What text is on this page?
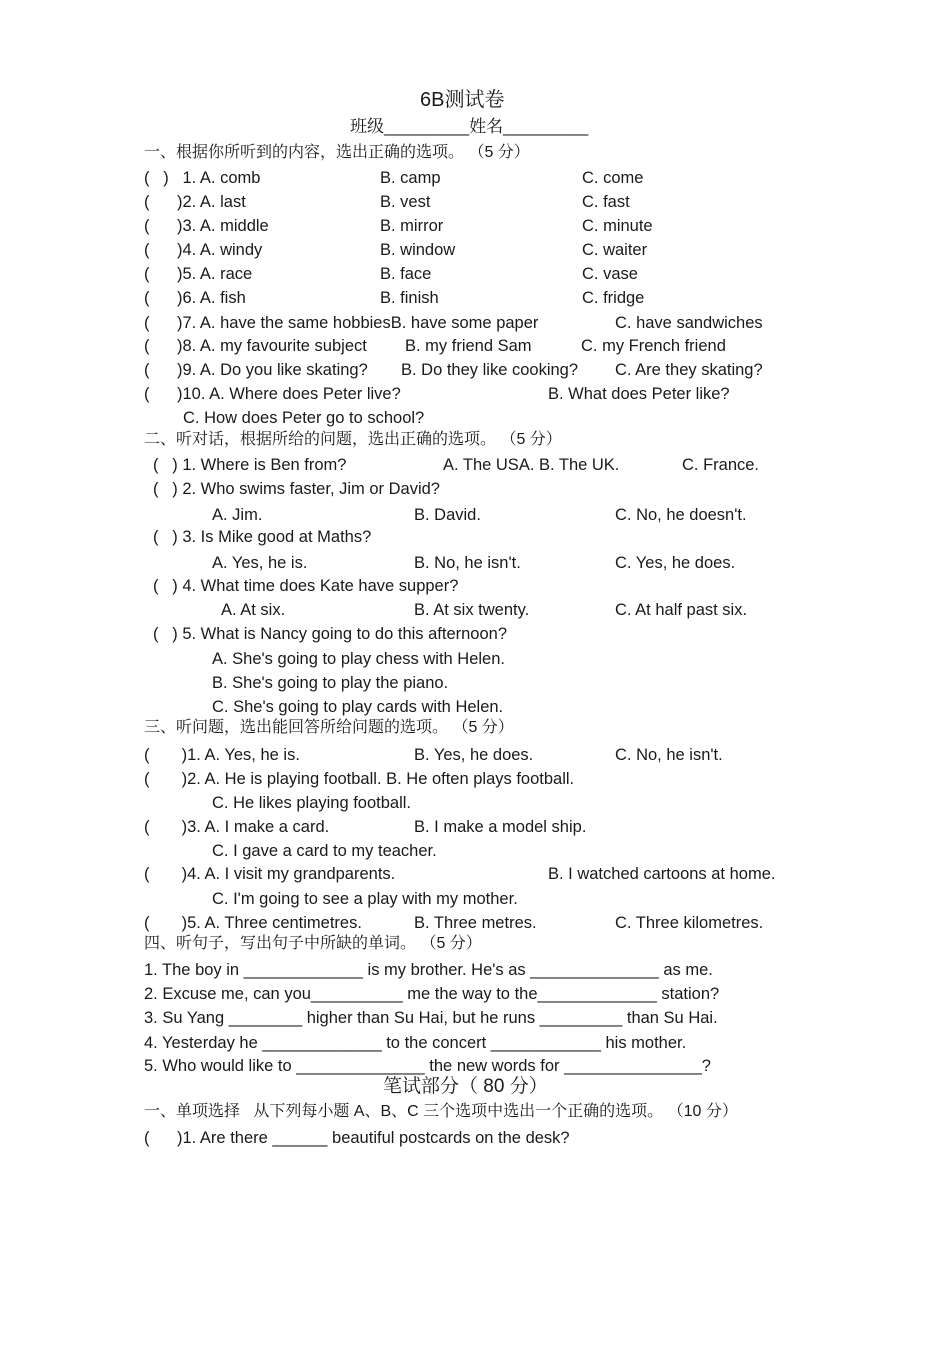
6B测试卷
班级_________姓名_________
一、根据你所听到的内容，选出正确的选项。 （5 分）
(   )   1. A. comb	B. camp	C. come
(      )2. A. last	B. vest	C. fast
(      )3. A. middle	B. mirror	C. minute
(      )4. A. windy	B. window	C. waiter
(      )5. A. race	B. face	C. vase
(      )6. A. fish	B. finish	C. fridge
(      )7. A. have the same hobbiesB. have some paper	C. have sandwiches
(      )8. A. my favourite subject B. my friend Sam	C. my French friend
(      )9. A. Do you like skating? B. Do they like cooking? C. Are they skating?
(      )10. A. Where does Peter live?	B. What does Peter like?
C. How does Peter go to school?
二、听对话，根据所给的问题，选出正确的选项。 （5 分）
(   ) 1. Where is Ben from?	A. The USA. B. The UK.	C. France.
(   ) 2. Who swims faster, Jim or David?
A. Jim.	B. David.	C. No, he doesn't.
(   ) 3. Is Mike good at Maths?
A. Yes, he is.	B. No, he isn't.	C. Yes, he does.
(   ) 4. What time does Kate have supper?
A. At six.	B. At six twenty.	C. At half past six.
(   ) 5. What is Nancy going to do this afternoon?
A. She's going to play chess with Helen.
B. She's going to play the piano.
C. She's going to play cards with Helen.
三、听问题，选出能回答所给问题的选项。 （5 分）
(       )1. A. Yes, he is.	B. Yes, he does.	C. No, he isn't.
(       )2. A. He is playing football. B. He often plays football.
C. He likes playing football.
(       )3. A. I make a card.	B. I make a model ship.
C. I gave a card to my teacher.
(       )4. A. I visit my grandparents.	B. I watched cartoons at home.
C. I'm going to see a play with my mother.
(       )5. A. Three centimetres.	B. Three metres.	C. Three kilometres.
四、听句子，写出句子中所缺的单词。 （5 分）
1. The boy in _____________ is my brother. He's as ______________ as me.
2. Excuse me, can you__________ me the way to the_____________ station?
3. Su Yang ________ higher than Su Hai, but he runs _________ than Su Hai.
4. Yesterday he _____________ to the concert ____________ his mother.
5. Who would like to ______________ the new words for _______________?
笔试部分（ 80 分）
一、单项选择   从下列每小题 A、B、C 三个选项中选出一个正确的选项。 （10 分）
(      )1. Are there ______ beautiful postcards on the desk?
